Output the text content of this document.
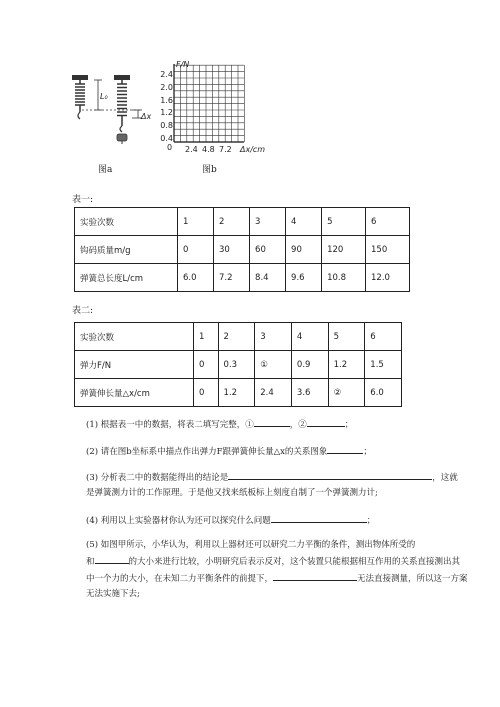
L₀
Δx
图a
F/N
2.4
2.0
1.6
1.2
0.8
0.4
0 2.4 4.8 7.2 Δx/cm
图b
表一:
实验次数	1	2	3	4	5	6
钩码质量m/g	0	30	60	90	120	150
弹簧总长度L/cm	6.0	7.2	8.4	9.6	10.8	12.0
表二:
实验次数	1	2	3	4	5	6
弹力F/N	0	0.3	①	0.9	1.2	1.5
弹簧伸长量△x/cm	0	1.2	2.4	3.6	②	6.0
(1) 根据表一中的数据，将表二填写完整，①	，②	；
(2) 请在图b坐标系中描点作出弹力F跟弹簧伸长量△x的关系图象	；
(3) 分析表二中的数据能得出的结论是	，这就
是弹簧测力计的工作原理。于是他又找来纸板标上刻度自制了一个弹簧测力计;
(4) 利用以上实验器材你认为还可以探究什么问题	；
(5) 如图甲所示，小华认为，利用以上器材还可以研究二力平衡的条件，测出物体所受的
和	的大小来进行比较，小明研究后表示反对，这个装置只能根据相互作用的关系直接测出其
中一个力的大小，在未知二力平衡条件的前提下，	无法直接测量，所以这一方案
无法实施下去;
